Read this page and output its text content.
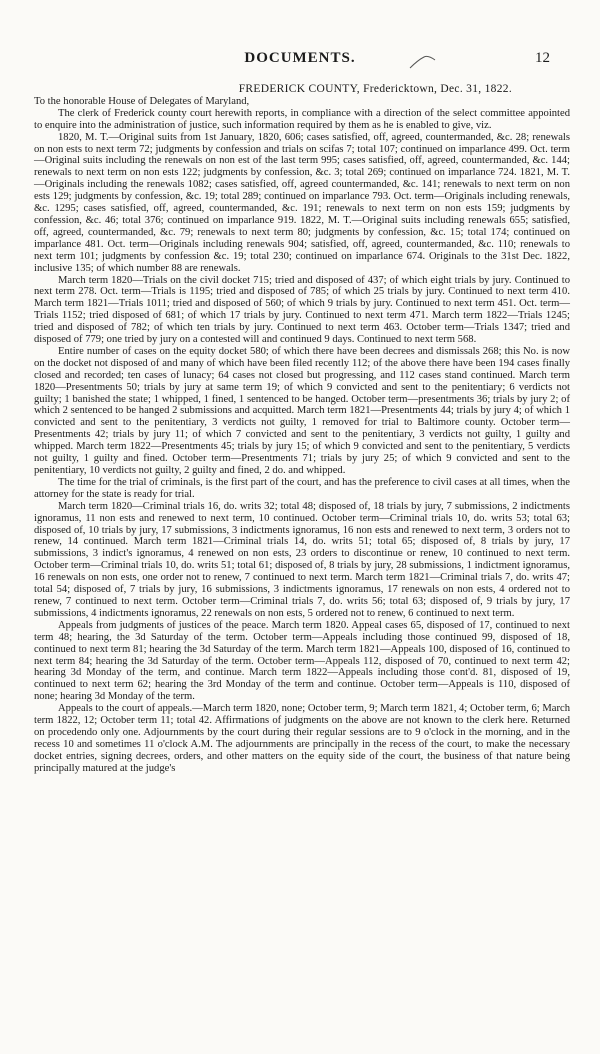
DOCUMENTS.	12

FREDERICK COUNTY, Fredericktown, Dec. 31, 1822.

To the honorable House of Delegates of Maryland,

The clerk of Frederick county court herewith reports, in compliance with a direction of the select committee appointed to enquire into the administration of justice, such information required by them as he is enabled to give, viz.

1820, M. T.—Original suits from 1st January, 1820, 606; cases satisfied, off, agreed, countermanded, &c. 28; renewals on non ests to next term 72; judgments by confession and trials on scifas 7; total 107; continued on imparlance 499. Oct. term—Original suits including the renewals on non est of the last term 995; cases satisfied, off, agreed, countermanded, &c. 144; renewals to next term on non ests 122; judgments by confession, &c. 3; total 269; continued on imparlance 724. 1821, M. T.—Originals including the renewals 1082; cases satisfied, off, agreed countermanded, &c. 141; renewals to next term on non ests 129; judgments by confession, &c. 19; total 289; continued on imparlance 793. Oct. term—Originals including renewals, &c. 1295; cases satisfied, off, agreed, countermanded, &c. 191; renewals to next term on non ests 159; judgments by confession, &c. 46; total 376; continued on imparlance 919. 1822, M. T.—Original suits including renewals 655; satisfied, off, agreed, countermanded, &c. 79; renewals to next term 80; judgments by confession, &c. 15; total 174; continued on imparlance 481. Oct. term—Originals including renewals 904; satisfied, off, agreed, countermanded, &c. 110; renewals to next term 101; judgments by confession &c. 19; total 230; continued on imparlance 674. Originals to the 31st Dec. 1822, inclusive 135; of which number 88 are renewals.

March term 1820—Trials on the civil docket 715; tried and disposed of 437; of which eight trials by jury. Continued to next term 278. Oct. term—Trials is 1195; tried and disposed of 785; of which 25 trials by jury. Continued to next term 410. March term 1821—Trials 1011; tried and disposed of 560; of which 9 trials by jury. Continued to next term 451. Oct. term—Trials 1152; tried disposed of 681; of which 17 trials by jury. Continued to next term 471. March term 1822—Trials 1245; tried and disposed of 782; of which ten trials by jury. Continued to next term 463. October term—Trials 1347; tried and disposed of 779; one tried by jury on a contested will and continued 9 days. Continued to next term 568.

Entire number of cases on the equity docket 580; of which there have been decrees and dismissals 268; this No. is now on the docket not disposed of and many of which have been filed recently 112; of the above there have been 194 cases finally closed and recorded; ten cases of lunacy; 64 cases not closed but progressing, and 112 cases stand continued. March term 1820—Presentments 50; trials by jury at same term 19; of which 9 convicted and sent to the penitentiary; 6 verdicts not guilty; 1 banished the state; 1 whipped, 1 fined, 1 sentenced to be hanged. October term—presentments 36; trials by jury 2; of which 2 sentenced to be hanged 2 submissions and acquitted. March term 1821—Presentments 44; trials by jury 4; of which 1 convicted and sent to the penitentiary, 3 verdicts not guilty, 1 removed for trial to Baltimore county. October term—Presentments 42; trials by jury 11; of which 7 convicted and sent to the penitentiary, 3 verdicts not guilty, 1 guilty and whipped. March term 1822—Presentments 45; trials by jury 15; of which 9 convicted and sent to the penitentiary, 5 verdicts not guilty, 1 guilty and fined. October term—Presentments 71; trials by jury 25; of which 9 convicted and sent to the penitentiary, 10 verdicts not guilty, 2 guilty and fined, 2 do. and whipped.

The time for the trial of criminals, is the first part of the court, and has the preference to civil cases at all times, when the attorney for the state is ready for trial.

March term 1820—Criminal trials 16, do. writs 32; total 48; disposed of, 18 trials by jury, 7 submissions, 2 indictments ignoramus, 11 non ests and renewed to next term, 10 continued. October term—Criminal trials 10, do. writs 53; total 63; disposed of, 10 trials by jury, 17 submissions, 3 indictments ignoramus, 16 non ests and renewed to next term, 3 orders not to renew, 14 continued. March term 1821—Criminal trials 14, do. writs 51; total 65; disposed of, 8 trials by jury, 17 submissions, 3 indict's ignoramus, 4 renewed on non ests, 23 orders to discontinue or renew, 10 continued to next term. October term—Criminal trials 10, do. writs 51; total 61; disposed of, 8 trials by jury, 28 submissions, 1 indictment ignoramus, 16 renewals on non ests, one order not to renew, 7 continued to next term. March term 1821—Criminal trials 7, do. writs 47; total 54; disposed of, 7 trials by jury, 16 submissions, 3 indictments ignoramus, 17 renewals on non ests, 4 ordered not to renew, 7 continued to next term. October term—Criminal trials 7, do. writs 56; total 63; disposed of, 9 trials by jury, 17 submissions, 4 indictments ignoramus, 22 renewals on non ests, 5 ordered not to renew, 6 continued to next term.

Appeals from judgments of justices of the peace. March term 1820. Appeal cases 65, disposed of 17, continued to next term 48; hearing, the 3d Saturday of the term. October term—Appeals including those continued 99, disposed of 18, continued to next term 81; hearing the 3d Saturday of the term. March term 1821—Appeals 100, disposed of 16, continued to next term 84; hearing the 3d Saturday of the term. October term—Appeals 112, disposed of 70, continued to next term 42; hearing 3d Monday of the term, and continue. March term 1822—Appeals including those cont'd. 81, disposed of 19, continued to next term 62; hearing the 3rd Monday of the term and continue. October term—Appeals is 110, disposed of none; hearing 3d Monday of the term.

Appeals to the court of appeals.—March term 1820, none; October term, 9; March term 1821, 4; October term, 6; March term 1822, 12; October term 11; total 42. Affirmations of judgments on the above are not known to the clerk here. Returned on procedendo only one. Adjournments by the court during their regular sessions are to 9 o'clock in the morning, and in the recess 10 and sometimes 11 o'clock A.M. The adjournments are principally in the recess of the court, to make the necessary docket entries, signing decrees, orders, and other matters on the equity side of the court, the business of that nature being principally matured at the judge's
